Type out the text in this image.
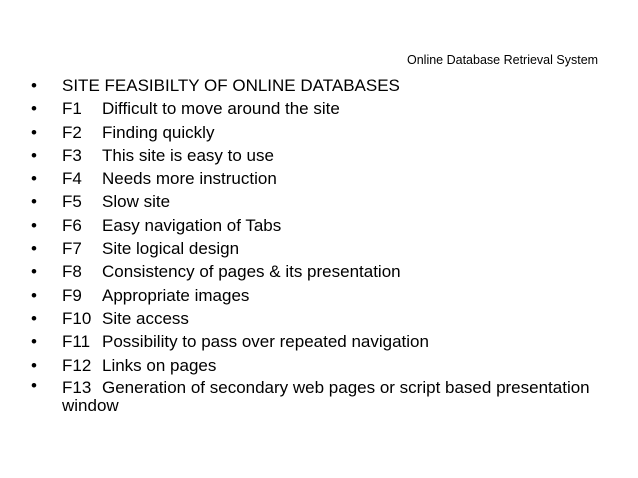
Online Database Retrieval System
• SITE FEASIBILTY OF ONLINE DATABASES
• F1 Difficult to move around the site
• F2 Finding quickly
• F3 This site is easy to use
• F4 Needs more instruction
• F5 Slow site
• F6 Easy navigation of Tabs
• F7 Site logical design
• F8 Consistency of pages & its presentation
• F9 Appropriate images
• F10 Site access
• F11 Possibility to pass over repeated navigation
• F12 Links on pages
• F13 Generation of secondary web pages or script based presentation window
